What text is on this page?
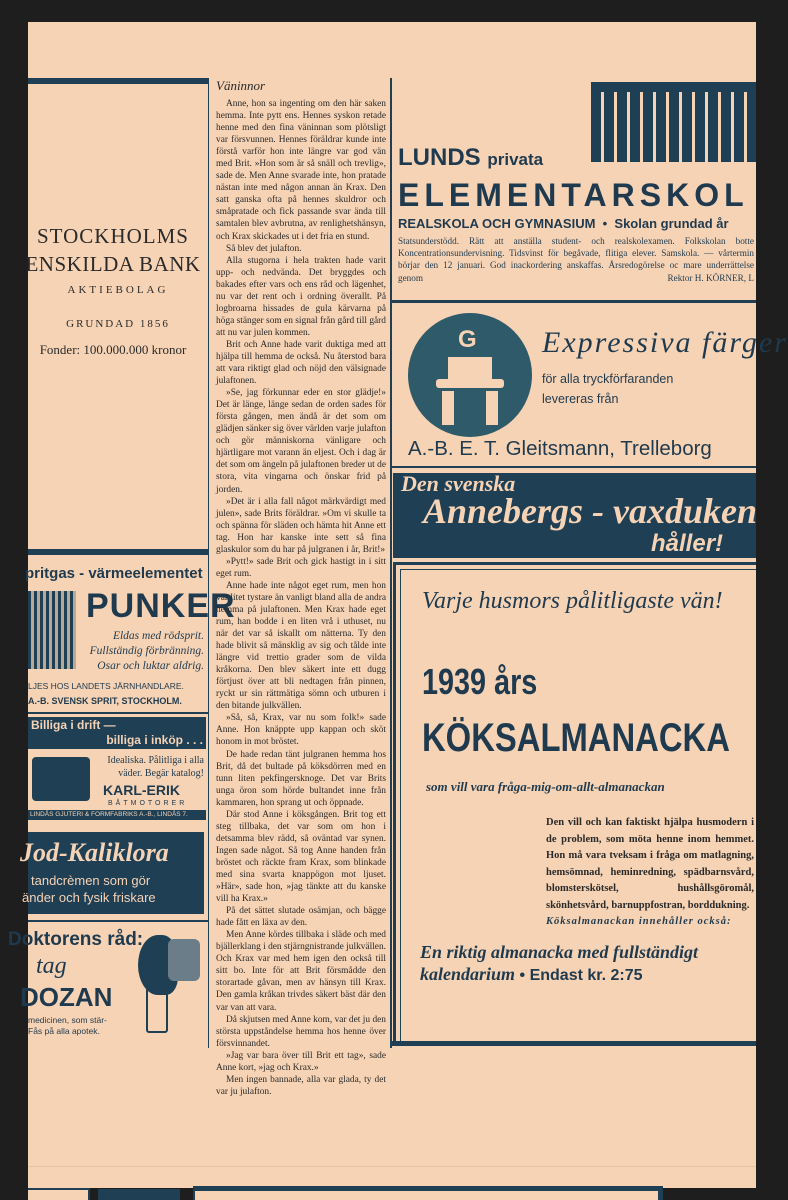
STOCKHOLMS
ENSKILDA BANK
AKTIEBOLAG
GRUNDAD 1856
Fonder: 100.000.000 kronor
pritgas - värmeelementet
PUNKER
Eldas med rödsprit.
Fullständig förbränning.
Osar och luktar aldrig.
LJES HOS LANDETS JÄRNHANDLARE.
A.-B. SVENSK SPRIT, STOCKHOLM.
Billiga i drift —
billiga i inköp . . .
Idealiska. Pålitliga i alla
väder. Begär katalog!
KARL-ERIK
BÅTMOTORER
LINDÅS GJUTERI & FORMFABRIKS A.-B., LINDÅS 7.
Jod-Kaliklora
tandcrèmen som gör
änder och fysik friskare
Doktorens råd:
tag
DOZAN
medicinen, som stär-
Fås på alla apotek.
Väninnor

Anne, hon sa ingenting om den här saken hemma. Inte pytt ens. Hennes syskon retade henne med den fina väninnan som plötsligt var försvunnen. Hennes föräldrar kunde inte förstå varför hon inte längre var god vän med Brit. »Hon som är så snäll och trevlig», sade de. Men Anne svarade inte, hon pratade nästan inte med någon annan än Krax. Den satt ganska ofta på hennes skuldror och småpratade och fick passande svar ända till samtalen blev avbrutna, av renlighetshänsyn, och Krax skickades ut i det fria en stund.

Så blev det julafton.

Alla stugorna i hela trakten hade varit upp- och nedvända. Det bryggdes och bakades efter vars och ens råd och lägenhet, nu var det rent och i ordning överallt. På logbroarna hissades de gula kärvarna på höga stänger som en signal från gård till gård att nu var julen kommen.

Brit och Anne hade varit duktiga med att hjälpa till hemma de också. Nu återstod bara att vara riktigt glad och nöjd den välsignade julaftonen.

»Se, jag förkunnar eder en stor glädje!» Det är länge, länge sedan de orden sades för första gången, men ändå är det som om glädjen sänker sig över världen varje julafton och gör människorna vänligare och hjärtligare mot varann än eljest. Och i dag är det som om ängeln på julaftonen breder ut de stora, vita vingarna och önskar frid på jorden.

»Det är i alla fall något märkvärdigt med julen», sade Brits föräldrar. »Om vi skulle ta och spänna för släden och hämta hit Anne ett tag. Hon har kanske inte sett så fina glaskulor som du har på julgranen i år, Brit!»

»Pytt!» sade Brit och gick hastigt in i sitt eget rum.

Anne hade inte något eget rum, men hon var litet tystare än vanligt bland alla de andra hemma på julaftonen. Men Krax hade eget rum, han bodde i en liten vrå i uthuset, nu när det var så iskallt om nätterna. Ty den hade blivit så mänsklig av sig och tålde inte längre vid trettio grader som de vilda kråkorna. Den blev säkert inte ett dugg förtjust över att bli nedtagen från pinnen, ryckt ur sin rättmätiga sömn och utburen i den bitande julkvällen.

»Så, så, Krax, var nu som folk!» sade Anne. Hon knäppte upp kappan och sköt honom in mot bröstet.

De hade redan tänt julgranen hemma hos Brit, då det bultade på köksdörren med en tunn liten pekfingersknoge. Det var Brits unga öron som hörde bultandet inne från kammaren, hon sprang ut och öppnade.

Där stod Anne i köksgången. Brit tog ett steg tillbaka, det var som om hon i detsamma blev rädd, så oväntad var synen. Ingen sade något. Så tog Anne handen från bröstet och räckte fram Krax, som blinkade med sina svarta knappögon mot ljuset. »Här», sade hon, »jag tänkte att du kanske vill ha Krax.»

På det sättet slutade osämjan, och bägge hade fått en läxa av den.

Men Anne kördes tillbaka i släde och med bjällerklang i den stjärngnistrande julkvällen. Och Krax var med hem igen den också till sitt bo. Inte för att Brit försmådde den storartade gåvan, men av hänsyn till Krax. Den gamla kråkan trivdes säkert bäst där den var van att vara.

Då skjutsen med Anne kom, var det ju den största uppståndelse hemma hos henne över försvinnandet.

»Jag var bara över till Brit ett tag», sade Anne kort, »jag och Krax.»

Men ingen bannade, alla var glada, ty det var ju julafton.

LUNDS privata
ELEMENTARSKOL
REALSKOLA OCH GYMNASIUM  •  Skolan grundad år
Statsunderstödd. Rätt att anställa student- och realskolexamen. Folkskolan botte Koncentrationsundervisning. Tidsvinst för begåvade, flitiga elever. Samskola. — vårtermin börjar den 12 januari. God inackordering anskaffas. Årsredogörelse oc mare underrättelse genom	Rektor H. KÖRNER, L
G Expressiva färger
för alla tryckförfaranden
levereras från
A.-B. E. T. Gleitsmann, Trelleborg
Den svenska
Annebergs - vaxduken
håller!
Varje husmors pålitligaste vän!
1939 års
KÖKSALMANACKA
som vill vara fråga-mig-om-allt-almanackan
Den vill och kan faktiskt hjälpa husmodern i de problem, som möta henne inom hemmet. Hon må vara tveksam i fråga om matlagning, hemsömnad, heminredning, spädbarnsvård, blomsterskötsel, hushållsgöromål, skönhetsvård, barnuppfostran, borddukning.
Köksalmanackan innehåller också:
En riktig almanacka med fullständigt kalendarium • Endast kr. 2:75
